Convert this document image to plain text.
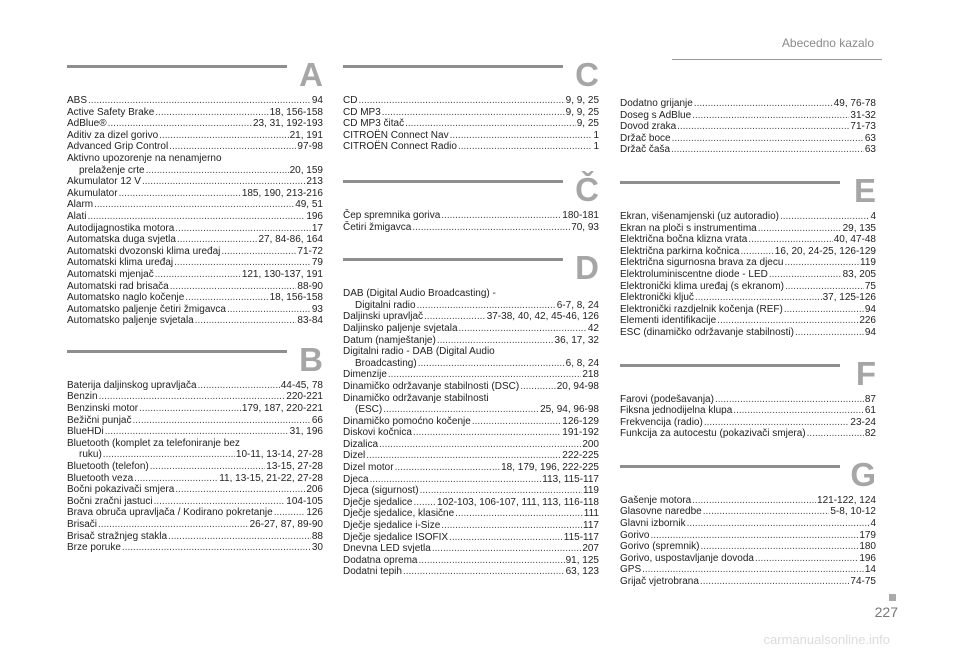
Abecedno kazalo
A
ABS .....	94
Active Safety Brake .....	18, 156-158
AdBlue® .....	23, 31, 192-193
Aditiv za dizel gorivo .....	21, 191
Advanced Grip Control .....	97-98
Aktivno upozorenje na nenamjerno
prelaženje crte .....	20, 159
Akumulator 12 V .....	213
Akumulator .....	185, 190, 213-216
Alarm .....	49, 51
Alati .....	196
Autodijagnostika motora .....	17
Automatska duga svjetla .....	27, 84-86, 164
Automatski dvozonski klima uređaj .....	71-72
Automatski klima uređaj .....	79
Automatski mjenjač .....	121, 130-137, 191
Automatski rad brisača .....	88-90
Automatsko naglo kočenje .....	18, 156-158
Automatsko paljenje četiri žmigavca .....	93
Automatsko paljenje svjetala .....	83-84
B
Baterija daljinskog upravljača .....	44-45, 78
Benzin .....	220-221
Benzinski motor .....	179, 187, 220-221
Bežični punjač .....	66
BlueHDi .....	31, 196
Bluetooth (komplet za telefoniranje bez
ruku) .....	10-11, 13-14, 27-28
Bluetooth (telefon) .....	13-15, 27-28
Bluetooth veza .....	11, 13-15, 21-22, 27-28
Bočni pokazivači smjera .....	206
Bočni zračni jastuci .....	104-105
Brava obruča upravljača / Kodirano pokretanje .....	126
Brisači .....	26-27, 87, 89-90
Brisač stražnjeg stakla .....	88
Brze poruke .....	30
C
CD .....	9, 9, 25
CD MP3 .....	9, 9, 25
CD MP3 čitač .....	9, 25
CITROËN Connect Nav .....	1
CITROËN Connect Radio .....	1
Č
Čep spremnika goriva .....	180-181
Četiri žmigavca .....	70, 93
D
DAB (Digital Audio Broadcasting) -
Digitalni radio .....	6-7, 8, 24
Daljinski upravljač .....	37-38, 40, 42, 45-46, 126
Daljinsko paljenje svjetala .....	42
Datum (namještanje) .....	36, 17, 32
Digitalni radio - DAB (Digital Audio
Broadcasting) .....	6, 8, 24
Dimenzije .....	218
Dinamičko održavanje stabilnosti (DSC) .....	20, 94-98
Dinamičko održavanje stabilnosti
(ESC) .....	25, 94, 96-98
Dinamičko pomoćno kočenje .....	126-129
Diskovi kočnica .....	191-192
Dizalica .....	200
Dizel .....	222-225
Dizel motor .....	18, 179, 196, 222-225
Djeca .....	113, 115-117
Djeca (sigurnost) .....	119
Dječje sjedalice ..... 102-103, 106-107, 111, 113, 116-118
Dječje sjedalice, klasične .....	111
Dječje sjedalice i-Size .....	117
Dječje sjedalice ISOFIX .....	115-117
Dnevna LED svjetla .....	207
Dodatna oprema .....	91, 125
Dodatni tepih .....	63, 123
Dodatno grijanje .....	49, 76-78
Doseg s AdBlue .....	31-32
Dovod zraka .....	71-73
Držač boce .....	63
Držač čaša .....	63
E
Ekran, višenamjenski (uz autoradio) .....	4
Ekran na ploči s instrumentima .....	29, 135
Električna bočna klizna vrata .....	40, 47-48
Električna parkirna kočnica .....	16, 20, 24-25, 126-129
Električna sigurnosna brava za djecu .....	119
Elektroluminiscentne diode - LED .....	83, 205
Elektronički klima uređaj (s ekranom) .....	75
Elektronički ključ .....	37, 125-126
Elektronički razdjelnik kočenja (REF) .....	94
Elementi identifikacije .....	226
ESC (dinamičko održavanje stabilnosti) .....	94
F
Farovi (podešavanja) .....	87
Fiksna jednodijelna klupa .....	61
Frekvencija (radio) .....	23-24
Funkcija za autocestu (pokazivači smjera) .....	82
G
Gašenje motora .....	121-122, 124
Glasovne naredbe .....	5-8, 10-12
Glavni izbornik .....	4
Gorivo .....	179
Gorivo (spremnik) .....	180
Gorivo, uspostavljanje dovoda .....	196
GPS .....	14
Grijač vjetrobrana .....	74-75
227
carmanualsonline.info
